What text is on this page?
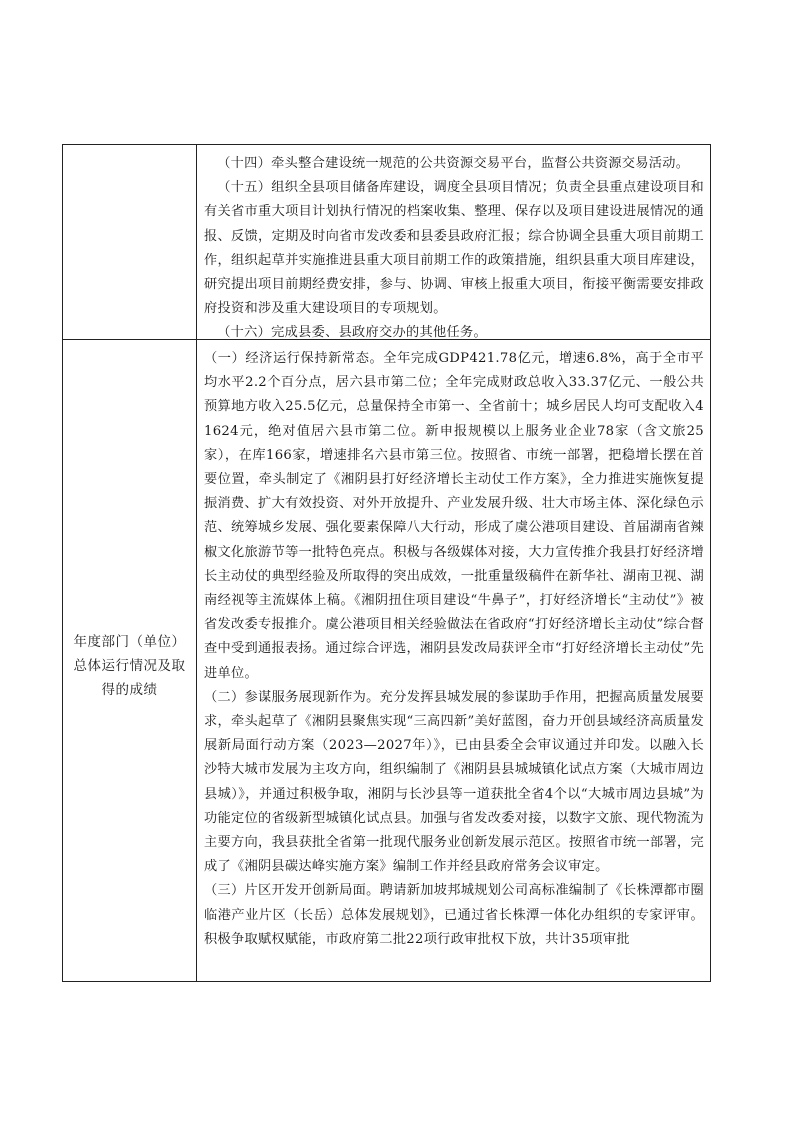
（十四）牵头整合建设统一规范的公共资源交易平台，监督公共资源交易活动。

（十五）组织全县项目储备库建设，调度全县项目情况；负责全县重点建设项目和有关省市重大项目计划执行情况的档案收集、整理、保存以及项目建设进展情况的通报、反馈，定期及时向省市发改委和县委县政府汇报；综合协调全县重大项目前期工作，组织起草并实施推进县重大项目前期工作的政策措施，组织县重大项目库建设，研究提出项目前期经费安排，参与、协调、审核上报重大项目，衔接平衡需要安排政府投资和涉及重大建设项目的专项规划。

（十六）完成县委、县政府交办的其他任务。

年度部门（单位）总体运行情况及取得的成绩

（一）经济运行保持新常态。全年完成GDP421.78亿元，增速6.8%，高于全市平均水平2.2个百分点，居六县市第二位；全年完成财政总收入33.37亿元、一般公共预算地方收入25.5亿元，总量保持全市第一、全省前十；城乡居民人均可支配收入41624元，绝对值居六县市第二位。新申报规模以上服务业企业78家（含文旅25家），在库166家，增速排名六县市第三位。按照省、市统一部署，把稳增长摆在首要位置，牵头制定了《湘阴县打好经济增长主动仗工作方案》，全力推进实施恢复提振消费、扩大有效投资、对外开放提升、产业发展升级、壮大市场主体、深化绿色示范、统筹城乡发展、强化要素保障八大行动，形成了虞公港项目建设、首届湖南省辣椒文化旅游节等一批特色亮点。积极与各级媒体对接，大力宣传推介我县打好经济增长主动仗的典型经验及所取得的突出成效，一批重量级稿件在新华社、湖南卫视、湖南经视等主流媒体上稿。《湘阴扭住项目建设“牛鼻子”，打好经济增长“主动仗”》被省发改委专报推介。虞公港项目相关经验做法在省政府“打好经济增长主动仗”综合督查中受到通报表扬。通过综合评选，湘阴县发改局获评全市“打好经济增长主动仗”先进单位。

（二）参谋服务展现新作为。充分发挥县城发展的参谋助手作用，把握高质量发展要求，牵头起草了《湘阴县聚焦实现“三高四新”美好蓝图，奋力开创县域经济高质量发展新局面行动方案（2023—2027年）》，已由县委全会审议通过并印发。以融入长沙特大城市发展为主攻方向，组织编制了《湘阴县县城城镇化试点方案（大城市周边县城）》，并通过积极争取，湘阴与长沙县等一道获批全省4个以“大城市周边县城”为功能定位的省级新型城镇化试点县。加强与省发改委对接，以数字文旅、现代物流为主要方向，我县获批全省第一批现代服务业创新发展示范区。按照省市统一部署，完成了《湘阴县碳达峰实施方案》编制工作并经县政府常务会议审定。

（三）片区开发开创新局面。聘请新加坡邦城规划公司高标准编制了《长株潭都市圈临港产业片区（长岳）总体发展规划》，已通过省长株潭一体化办组织的专家评审。积极争取赋权赋能，市政府第二批22项行政审批权下放，共计35项审批
